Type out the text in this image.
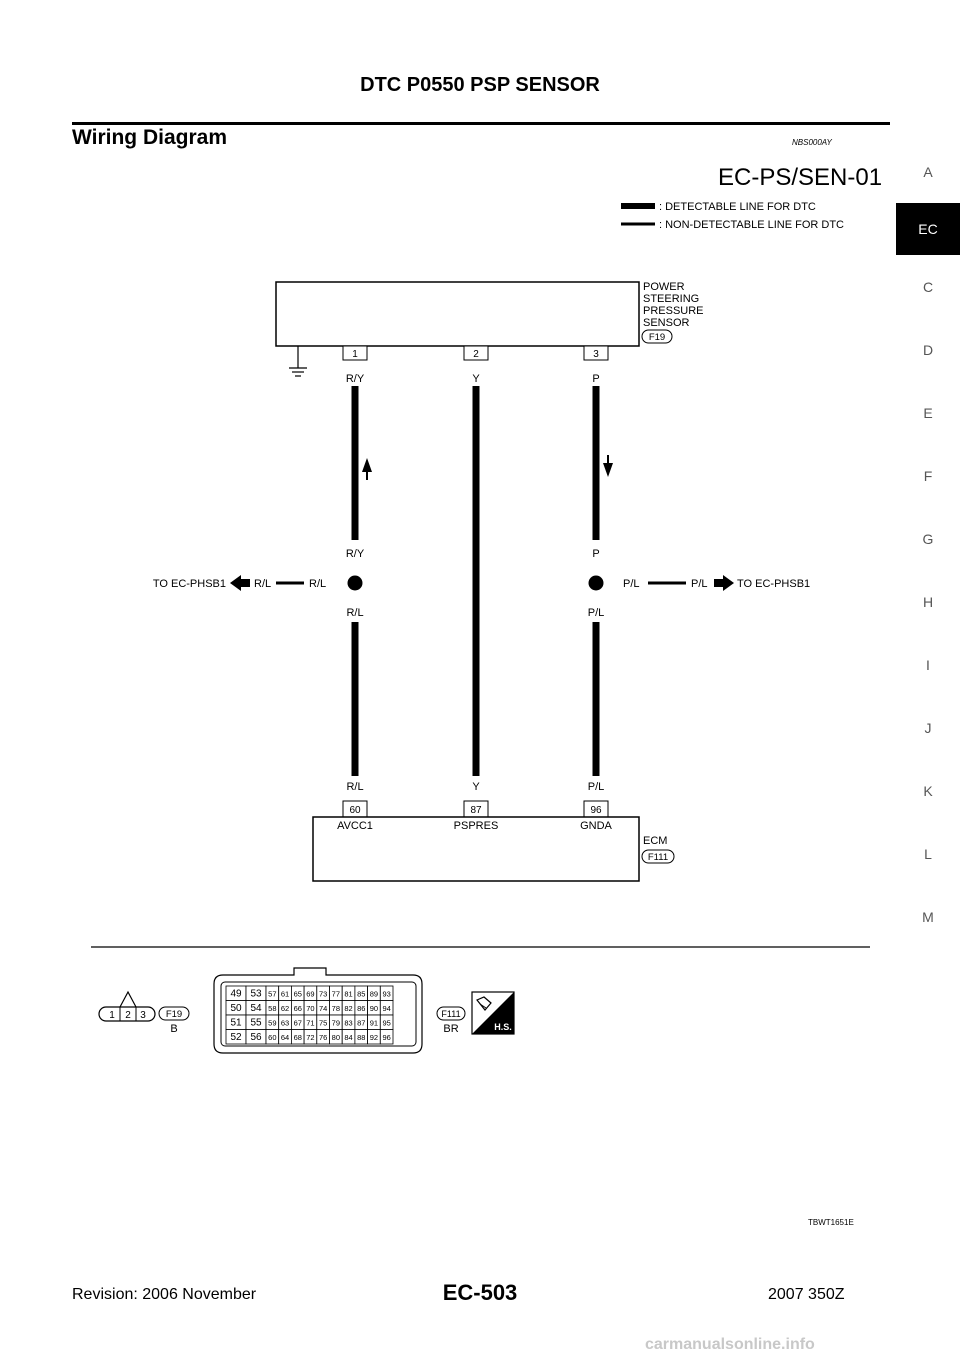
DTC P0550 PSP SENSOR
Wiring Diagram	NBS000AY
EC-PS/SEN-01	A
EC
C
D
E
F
G
H
I
J
K
L
M
: DETECTABLE LINE FOR DTC
: NON-DETECTABLE LINE FOR DTC
POWER
STEERING
PRESSURE
SENSOR
F19
1	2	3
R/Y
R/Y
R/L
R/L
R/L
R/L
TO EC-PHSB1
Y
Y
P
P
P/L
P/L
P/L	P/L	TO EC-PHSB1
60	87	96
AVCC1	PSPRES	GNDA
ECM
F111
1 2 3 F19
B
49 53 57 61 65 69 73 77 81 85 89 93
50 54 58 62 66 70 74 78 82 86 90 94
51 55 59 63 67 71 75 79 83 87 91 95
52 56 60 64 68 72 76 80 84 88 92 96
F111
BR	H.S.
TBWT1651E
Revision: 2006 November	EC-503	2007 350Z
carmanualsonline.info
